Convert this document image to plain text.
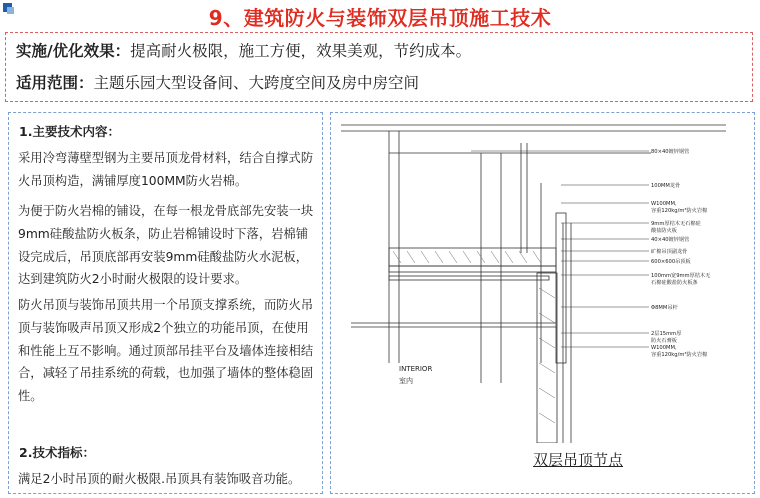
9、建筑防火与装饰双层吊顶施工技术
实施/优化效果：提高耐火极限，施工方便，效果美观，节约成本。
适用范围：主题乐园大型设备间、大跨度空间及房中房空间
1.主要技术内容：
采用冷弯薄壁型钢为主要吊顶龙骨材料，结合自撑式防火吊顶构造，满铺厚度100MM防火岩棉。
为便于防火岩棉的铺设，在每一根龙骨底部先安装一块9mm硅酸盐防火板条，防止岩棉铺设时下落，岩棉铺设完成后，吊顶底部再安装9mm硅酸盐防火水泥板，达到建筑防火2小时耐火极限的设计要求。
防火吊顶与装饰吊顶共用一个吊顶支撑系统，而防火吊顶与装饰吸声吊顶又形成2个独立的功能吊顶，在使用和性能上互不影响。通过顶部吊挂平台及墙体连接相结合，减轻了吊挂系统的荷载，也加强了墙体的整体稳固性。
2.技术指标：
满足2小时吊顶的耐火极限.吊顶具有装饰吸音功能。
80×40镀锌钢管
100MM龙骨
W100MM,
容重120kg/m³防火岩棉
9mm厚桔木无石棉硅
酸盐防火板
40×40镀锌钢管
矿棉吊顶副龙骨
600×600吊顶板
100mm宽9mm厚桔木无
石棉硅酸盐防火板条
Φ8MM吊杆
2层15mm厚
防火石膏板
W100MM,
容重120kg/m³防火岩棉
INTERIOR
室内
双层吊顶节点
